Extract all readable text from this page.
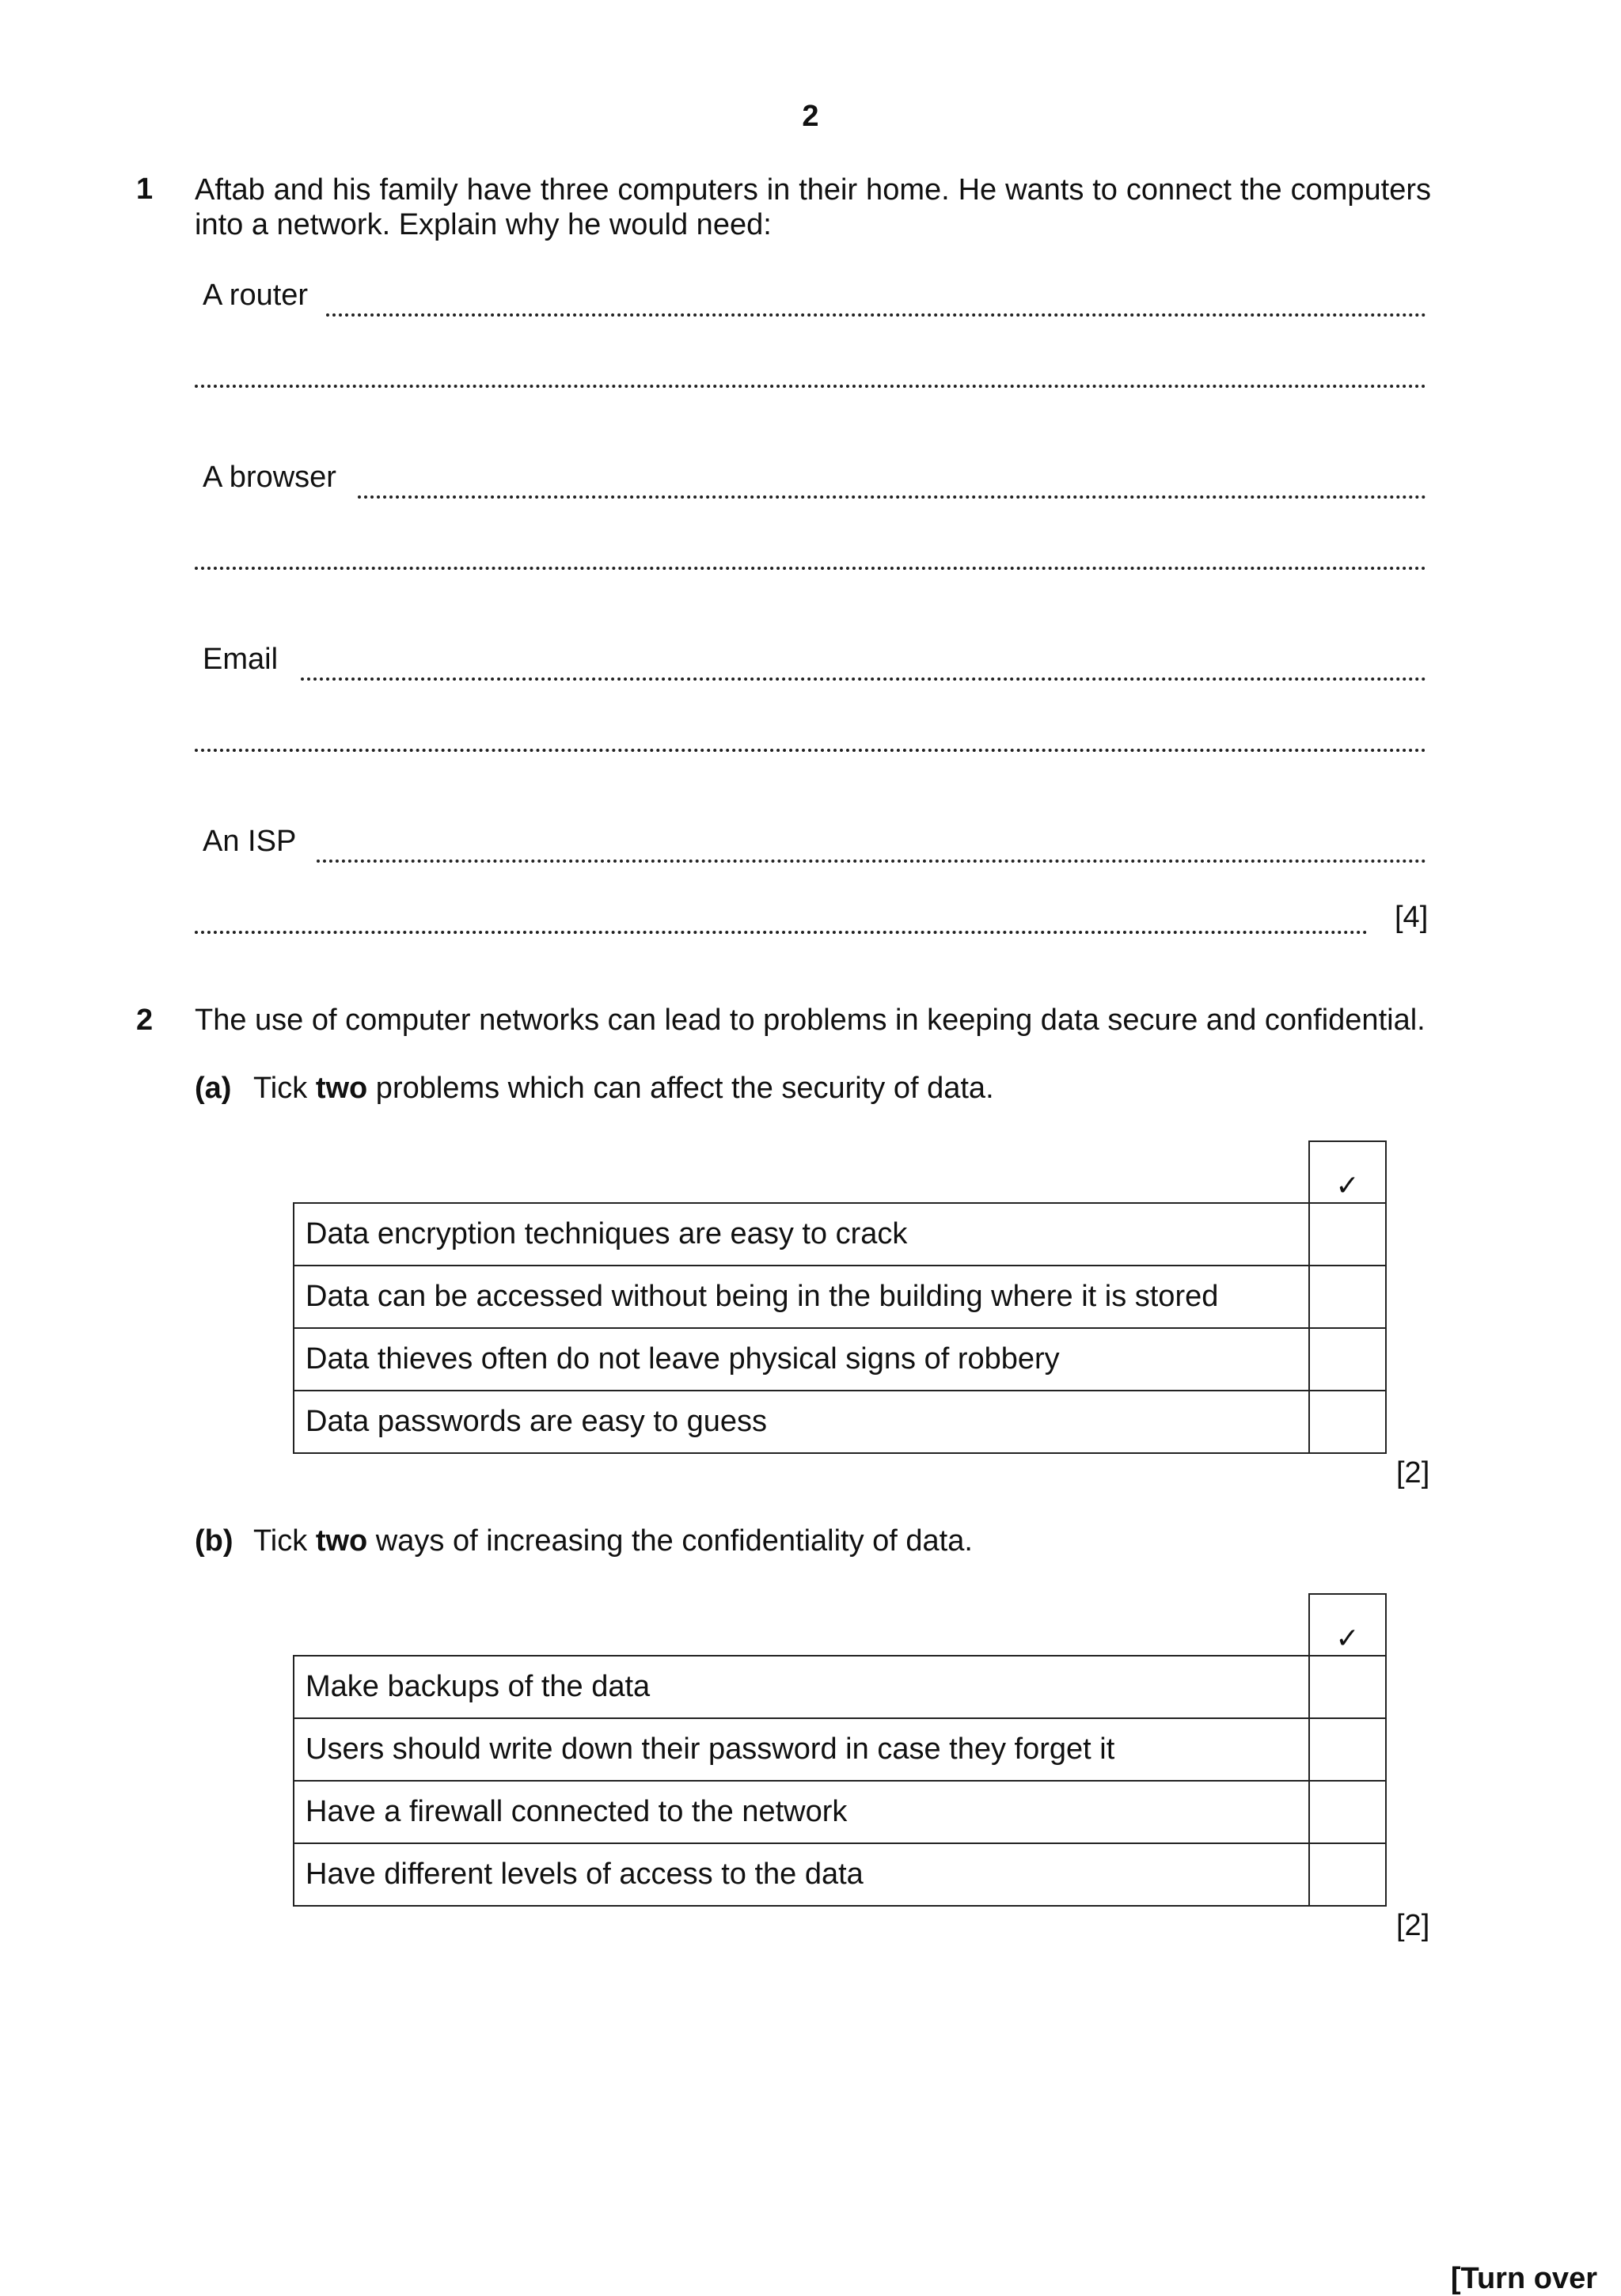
2
1 Aftab and his family have three computers in their home. He wants to connect the computers into a network. Explain why he would need:
A router
A browser
Email
An ISP
[4]
2 The use of computer networks can lead to problems in keeping data secure and confidential.
(a) Tick two problems which can affect the security of data.
	✓
Data encryption techniques are easy to crack	
Data can be accessed without being in the building where it is stored	
Data thieves often do not leave physical signs of robbery	
Data passwords are easy to guess	
[2]
(b) Tick two ways of increasing the confidentiality of data.
	✓
Make backups of the data	
Users should write down their password in case they forget it	
Have a firewall connected to the network	
Have different levels of access to the data	
[2]
[Turn over
